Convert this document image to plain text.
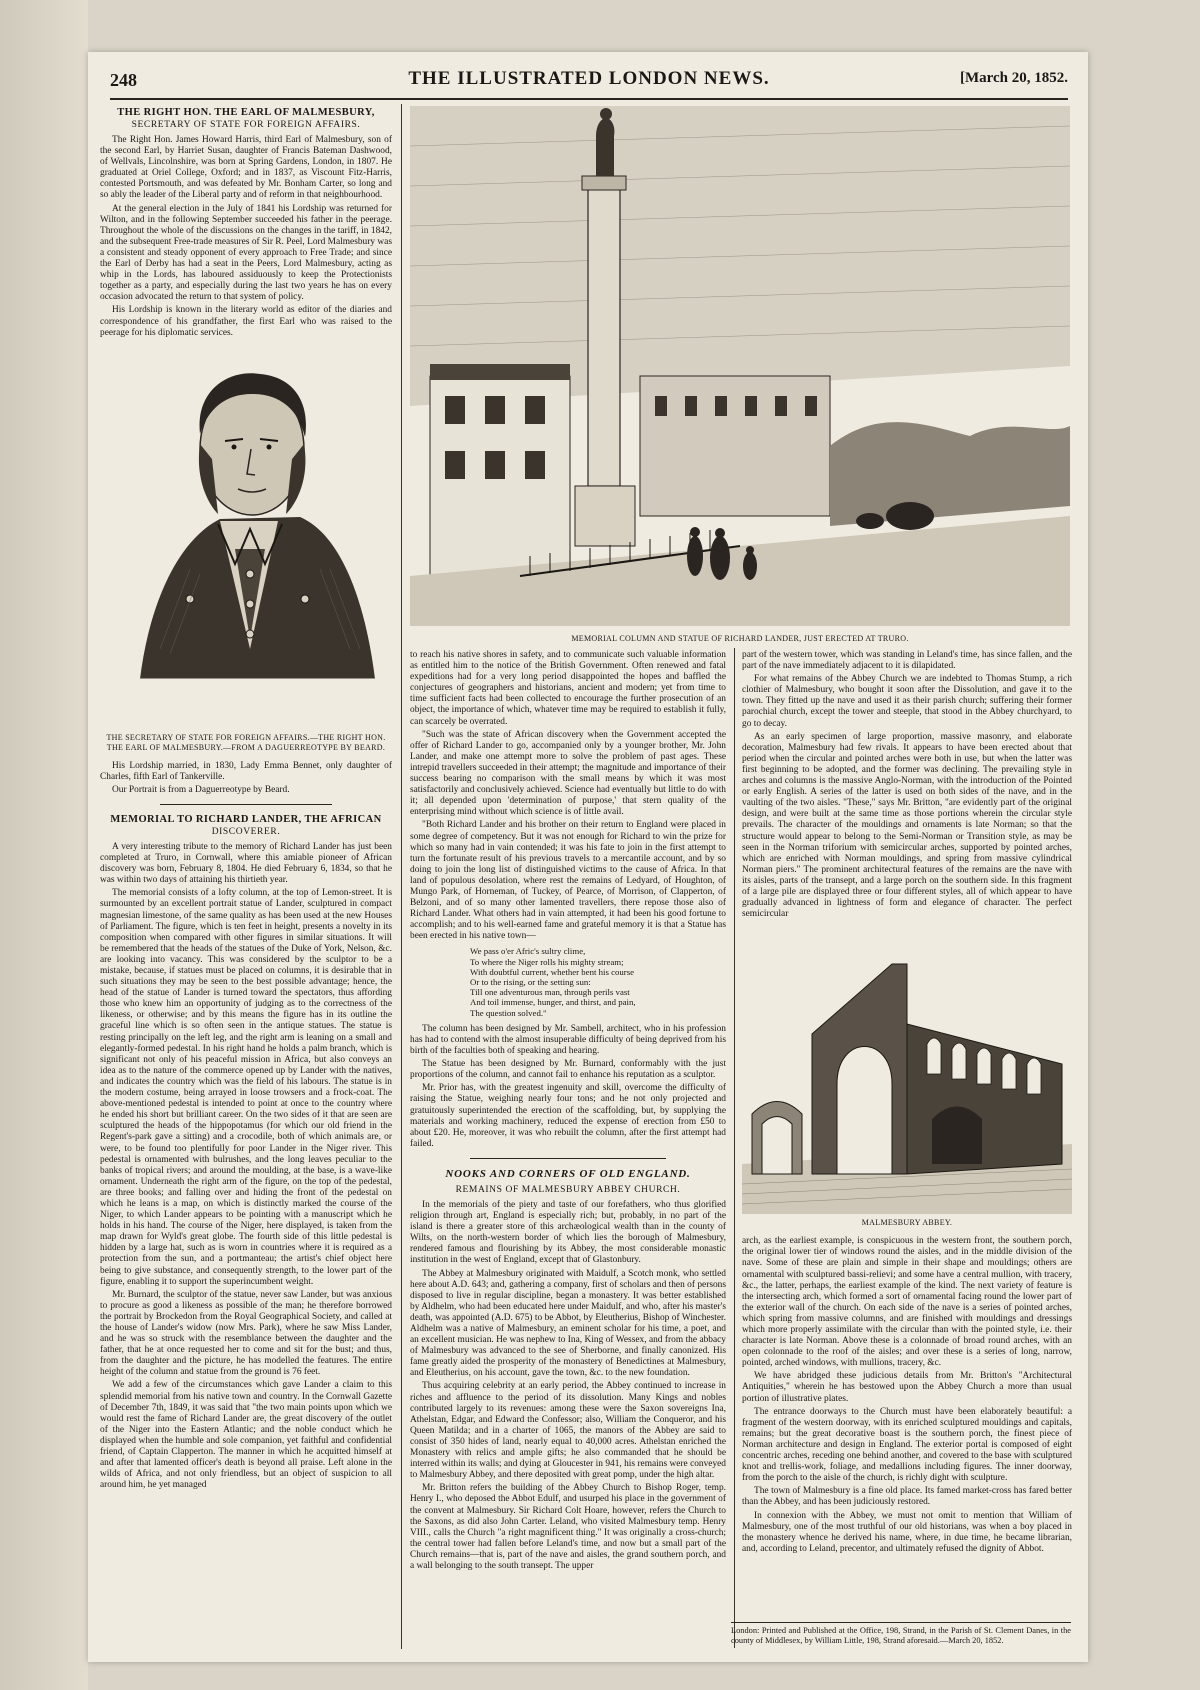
248	THE ILLUSTRATED LONDON NEWS.	[March 20, 1852.
THE RIGHT HON. THE EARL OF MALMESBURY,
SECRETARY OF STATE FOR FOREIGN AFFAIRS.

The Right Hon. James Howard Harris, third Earl of Malmesbury, son of the second Earl, by Harriet Susan, daughter of Francis Bateman Dashwood, of Wellvals, Lincolnshire, was born at Spring Gardens, London, in 1807. He graduated at Oriel College, Oxford; and in 1837, as Viscount Fitz-Harris, contested Portsmouth, and was defeated by Mr. Bonham Carter, so long and so ably the leader of the Liberal party and of reform in that neighbourhood.

At the general election in the July of 1841 his Lordship was returned for Wilton, and in the following September succeeded his father in the peerage. Throughout the whole of the discussions on the changes in the tariff, in 1842, and the subsequent Free-trade measures of Sir R. Peel, Lord Malmesbury was a consistent and steady opponent of every approach to Free Trade; and since the Earl of Derby has had a seat in the Peers, Lord Malmesbury, acting as whip in the Lords, has laboured assiduously to keep the Protectionists together as a party, and especially during the last two years he has on every occasion advocated the return to that system of policy.

His Lordship is known in the literary world as editor of the diaries and correspondence of his grandfather, the first Earl who was raised to the peerage for his diplomatic services.

THE SECRETARY OF STATE FOR FOREIGN AFFAIRS.—THE RIGHT HON. THE EARL OF MALMESBURY.—FROM A DAGUERREOTYPE BY BEARD.

His Lordship married, in 1830, Lady Emma Bennet, only daughter of Charles, fifth Earl of Tankerville.

Our Portrait is from a Daguerreotype by Beard.

MEMORIAL TO RICHARD LANDER, THE AFRICAN
DISCOVERER.

A very interesting tribute to the memory of Richard Lander has just been completed at Truro, in Cornwall, where this amiable pioneer of African discovery was born, February 8, 1804. He died February 6, 1834, so that he was within two days of attaining his thirtieth year.

The memorial consists of a lofty column, at the top of Lemon-street. It is surmounted by an excellent portrait statue of Lander, sculptured in compact magnesian limestone, of the same quality as has been used at the new Houses of Parliament. The figure, which is ten feet in height, presents a novelty in its composition when compared with other figures in similar situations. It will be remembered that the heads of the statues of the Duke of York, Nelson, &c. are looking into vacancy. This was considered by the sculptor to be a mistake, because, if statues must be placed on columns, it is desirable that in such situations they may be seen to the best possible advantage; hence, the head of the statue of Lander is turned toward the spectators, thus affording those who knew him an opportunity of judging as to the correctness of the likeness, or otherwise; and by this means the figure has in its outline the graceful line which is so often seen in the antique statues. The statue is resting principally on the left leg, and the right arm is leaning on a small and elegantly-formed pedestal. In his right hand he holds a palm branch, which is significant not only of his peaceful mission in Africa, but also conveys an idea as to the nature of the commerce opened up by Lander with the natives, and indicates the country which was the field of his labours. The statue is in the modern costume, being arrayed in loose trowsers and a frock-coat. The above-mentioned pedestal is intended to point at once to the country where he ended his short but brilliant career. On the two sides of it that are seen are sculptured the heads of the hippopotamus (for which our old friend in the Regent's-park gave a sitting) and a crocodile, both of which animals are, or were, to be found too plentifully for poor Lander in the Niger river. This pedestal is ornamented with bulrushes, and the long leaves peculiar to the banks of tropical rivers; and around the moulding, at the base, is a wave-like ornament. Underneath the right arm of the figure, on the top of the pedestal, are three books; and falling over and hiding the front of the pedestal on which he leans is a map, on which is distinctly marked the course of the Niger, to which Lander appears to be pointing with a manuscript which he holds in his hand. The course of the Niger, here displayed, is taken from the map drawn for Wyld's great globe. The fourth side of this little pedestal is hidden by a large hat, such as is worn in countries where it is required as a protection from the sun, and a portmanteau; the artist's chief object here being to give substance, and consequently strength, to the lower part of the figure, enabling it to support the superincumbent weight.

Mr. Burnard, the sculptor of the statue, never saw Lander, but was anxious to procure as good a likeness as possible of the man; he therefore borrowed the portrait by Brockedon from the Royal Geographical Society, and called at the house of Lander's widow (now Mrs. Park), where he saw Miss Lander, and he was so struck with the resemblance between the daughter and the father, that he at once requested her to come and sit for the bust; and thus, from the daughter and the picture, he has modelled the features. The entire height of the column and statue from the ground is 76 feet.

We add a few of the circumstances which gave Lander a claim to this splendid memorial from his native town and country. In the Cornwall Gazette of December 7th, 1849, it was said that "the two main points upon which we would rest the fame of Richard Lander are, the great discovery of the outlet of the Niger into the Eastern Atlantic; and the noble conduct which he displayed when the humble and sole companion, yet faithful and confidential friend, of Captain Clapperton. The manner in which he acquitted himself at and after that lamented officer's death is beyond all praise. Left alone in the wilds of Africa, and not only friendless, but an object of suspicion to all around him, he yet managed

MEMORIAL COLUMN AND STATUE OF RICHARD LANDER, JUST ERECTED AT TRURO.

to reach his native shores in safety, and to communicate such valuable information as entitled him to the notice of the British Government. Often renewed and fatal expeditions had for a very long period disappointed the hopes and baffled the conjectures of geographers and historians, ancient and modern; yet from time to time sufficient facts had been collected to encourage the further prosecution of an object, the importance of which, whatever time may be required to establish it fully, can scarcely be overrated.

"Such was the state of African discovery when the Government accepted the offer of Richard Lander to go, accompanied only by a younger brother, Mr. John Lander, and make one attempt more to solve the problem of past ages. These intrepid travellers succeeded in their attempt; the magnitude and importance of their success bearing no comparison with the small means by which it was most satisfactorily and conclusively achieved. Science had eventually but little to do with it; all depended upon 'determination of purpose,' that stern quality of the enterprising mind without which science is of little avail.

"Both Richard Lander and his brother on their return to England were placed in some degree of competency. But it was not enough for Richard to win the prize for which so many had in vain contended; it was his fate to join in the first attempt to turn the fortunate result of his previous travels to a mercantile account, and by so doing to join the long list of distinguished victims to the cause of Africa. In that land of populous desolation, where rest the remains of Ledyard, of Houghton, of Mungo Park, of Horneman, of Tuckey, of Pearce, of Morrison, of Clapperton, of Belzoni, and of so many other lamented travellers, there repose those also of Richard Lander. What others had in vain attempted, it had been his good fortune to accomplish; and to his well-earned fame and grateful memory it is that a Statue has been erected in his native town—

We pass o'er Afric's sultry clime,
To where the Niger rolls his mighty stream;
With doubtful current, whether bent his course
Or to the rising, or the setting sun:
Till one adventurous man, through perils vast
And toil immense, hunger, and thirst, and pain,
The question solved."

The column has been designed by Mr. Sambell, architect, who in his profession has had to contend with the almost insuperable difficulty of being deprived from his birth of the faculties both of speaking and hearing.

The Statue has been designed by Mr. Burnard, conformably with the just proportions of the column, and cannot fail to enhance his reputation as a sculptor.

Mr. Prior has, with the greatest ingenuity and skill, overcome the difficulty of raising the Statue, weighing nearly four tons; and he not only projected and gratuitously superintended the erection of the scaffolding, but, by supplying the materials and working machinery, reduced the expense of erection from £50 to about £20. He, moreover, it was who rebuilt the column, after the first attempt had failed.

NOOKS AND CORNERS OF OLD ENGLAND.
REMAINS OF MALMESBURY ABBEY CHURCH.

In the memorials of the piety and taste of our forefathers, who thus glorified religion through art, England is especially rich; but, probably, in no part of the island is there a greater store of this archæological wealth than in the county of Wilts, on the north-western border of which lies the borough of Malmesbury, rendered famous and flourishing by its Abbey, the most considerable monastic institution in the west of England, except that of Glastonbury.

The Abbey at Malmesbury originated with Maidulf, a Scotch monk, who settled here about A.D. 643; and, gathering a company, first of scholars and then of persons disposed to live in regular discipline, began a monastery. It was better established by Aldhelm, who had been educated here under Maidulf, and who, after his master's death, was appointed (A.D. 675) to be Abbot, by Eleutherius, Bishop of Winchester. Aldhelm was a native of Malmesbury, an eminent scholar for his time, a poet, and an excellent musician. He was nephew to Ina, King of Wessex, and from the abbacy of Malmesbury was advanced to the see of Sherborne, and finally canonized. His fame greatly aided the prosperity of the monastery of Benedictines at Malmesbury, and Eleutherius, on his account, gave the town, &c. to the new foundation.

Thus acquiring celebrity at an early period, the Abbey continued to increase in riches and affluence to the period of its dissolution. Many Kings and nobles contributed largely to its revenues: among these were the Saxon sovereigns Ina, Athelstan, Edgar, and Edward the Confessor; also, William the Conqueror, and his Queen Matilda; and in a charter of 1065, the manors of the Abbey are said to consist of 350 hides of land, nearly equal to 40,000 acres. Athelstan enriched the Monastery with relics and ample gifts; he also commanded that he should be interred within its walls; and dying at Gloucester in 941, his remains were conveyed to Malmesbury Abbey, and there deposited with great pomp, under the high altar.

Mr. Britton refers the building of the Abbey Church to Bishop Roger, temp. Henry I., who deposed the Abbot Edulf, and usurped his place in the government of the convent at Malmesbury. Sir Richard Colt Hoare, however, refers the Church to the Saxons, as did also John Carter. Leland, who visited Malmesbury temp. Henry VIII., calls the Church "a right magnificent thing." It was originally a cross-church; the central tower had fallen before Leland's time, and now but a small part of the Church remains—that is, part of the nave and aisles, the grand southern porch, and a wall belonging to the south transept. The upper

part of the western tower, which was standing in Leland's time, has since fallen, and the part of the nave immediately adjacent to it is dilapidated.

For what remains of the Abbey Church we are indebted to Thomas Stump, a rich clothier of Malmesbury, who bought it soon after the Dissolution, and gave it to the town. They fitted up the nave and used it as their parish church; suffering their former parochial church, except the tower and steeple, that stood in the Abbey churchyard, to go to decay.

As an early specimen of large proportion, massive masonry, and elaborate decoration, Malmesbury had few rivals. It appears to have been erected about that period when the circular and pointed arches were both in use, but when the latter was first beginning to be adopted, and the former was declining. The prevailing style in arches and columns is the massive Anglo-Norman, with the introduction of the Pointed or early English. A series of the latter is used on both sides of the nave, and in the vaulting of the two aisles. "These," says Mr. Britton, "are evidently part of the original design, and were built at the same time as those portions wherein the circular style prevails. The character of the mouldings and ornaments is late Norman; so that the structure would appear to belong to the Semi-Norman or Transition style, as may be seen in the Norman triforium with semicircular arches, supported by pointed arches, which are enriched with Norman mouldings, and spring from massive cylindrical Norman piers." The prominent architectural features of the remains are the nave with its aisles, parts of the transept, and a large porch on the southern side. In this fragment of a large pile are displayed three or four different styles, all of which appear to have gradually advanced in lightness of form and elegance of character. The perfect semicircular

MALMESBURY ABBEY.

arch, as the earliest example, is conspicuous in the western front, the southern porch, the original lower tier of windows round the aisles, and in the middle division of the nave. Some of these are plain and simple in their shape and mouldings; others are ornamental with sculptured bassi-relievi; and some have a central mullion, with tracery, &c., the latter, perhaps, the earliest example of the kind. The next variety of feature is the intersecting arch, which formed a sort of ornamental facing round the lower part of the exterior wall of the church. On each side of the nave is a series of pointed arches, which spring from massive columns, and are finished with mouldings and dressings which more properly assimilate with the circular than with the pointed style, i.e. their character is late Norman. Above these is a colonnade of broad round arches, with an open colonnade to the roof of the aisles; and over these is a series of long, narrow, pointed, arched windows, with mullions, tracery, &c.

We have abridged these judicious details from Mr. Britton's "Architectural Antiquities," wherein he has bestowed upon the Abbey Church a more than usual portion of illustrative plates.

The entrance doorways to the Church must have been elaborately beautiful: a fragment of the western doorway, with its enriched sculptured mouldings and capitals, remains; but the great decorative boast is the southern porch, the finest piece of Norman architecture and design in England. The exterior portal is composed of eight concentric arches, receding one behind another, and covered to the base with sculptured knot and trellis-work, foliage, and medallions including figures. The inner doorway, from the porch to the aisle of the church, is richly dight with sculpture.

The town of Malmesbury is a fine old place. Its famed market-cross has fared better than the Abbey, and has been judiciously restored.

In connexion with the Abbey, we must not omit to mention that William of Malmesbury, one of the most truthful of our old historians, was when a boy placed in the monastery whence he derived his name, where, in due time, he became librarian, and, according to Leland, precentor, and ultimately refused the dignity of Abbot.

London: Printed and Published at the Office, 198, Strand, in the Parish of St. Clement Danes, in the county of Middlesex, by William Little, 198, Strand aforesaid.—March 20, 1852.
